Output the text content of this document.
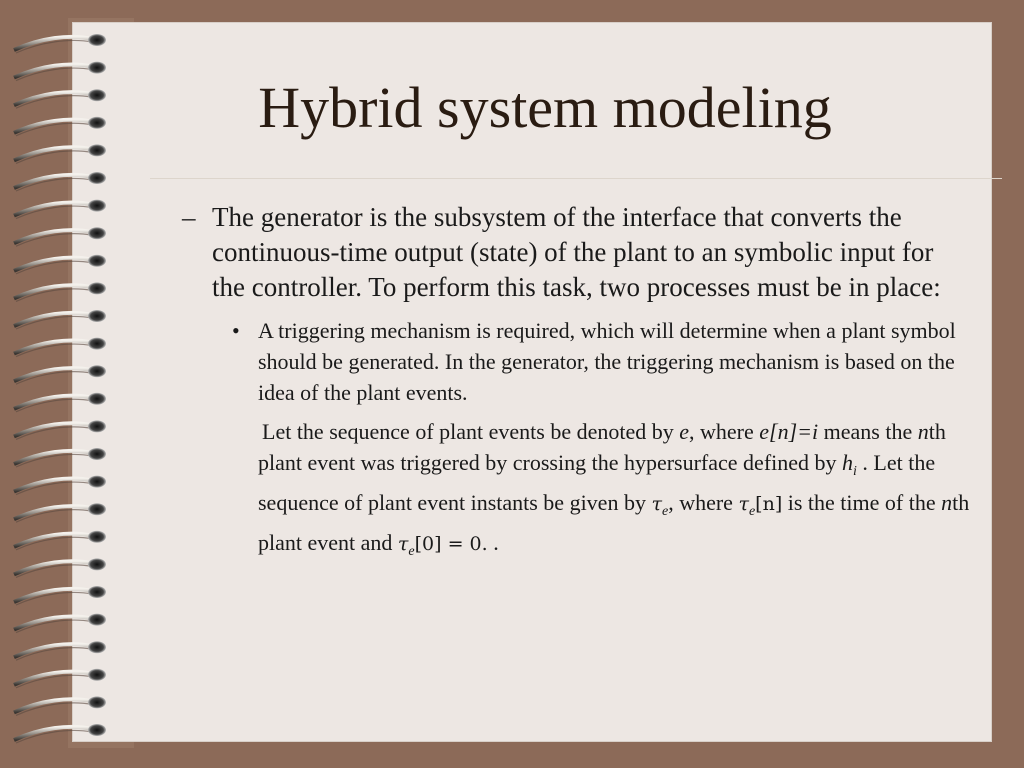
Hybrid system modeling

– The generator is the subsystem of the interface that converts the continuous-time output (state) of the plant to an symbolic input for the controller. To perform this task, two processes must be in place:

• A triggering mechanism is required, which will determine when a plant symbol should be generated. In the generator, the triggering mechanism is based on the idea of the plant events.

Let the sequence of plant events be denoted by e, where e[n]=i means the nth plant event was triggered by crossing the hypersurface defined by $h_i$ . Let the sequence of plant event instants be given by $\tau_e$, where $\tau_e[n]$ is the time of the nth plant event and $\tau_e[0] = 0$. .
